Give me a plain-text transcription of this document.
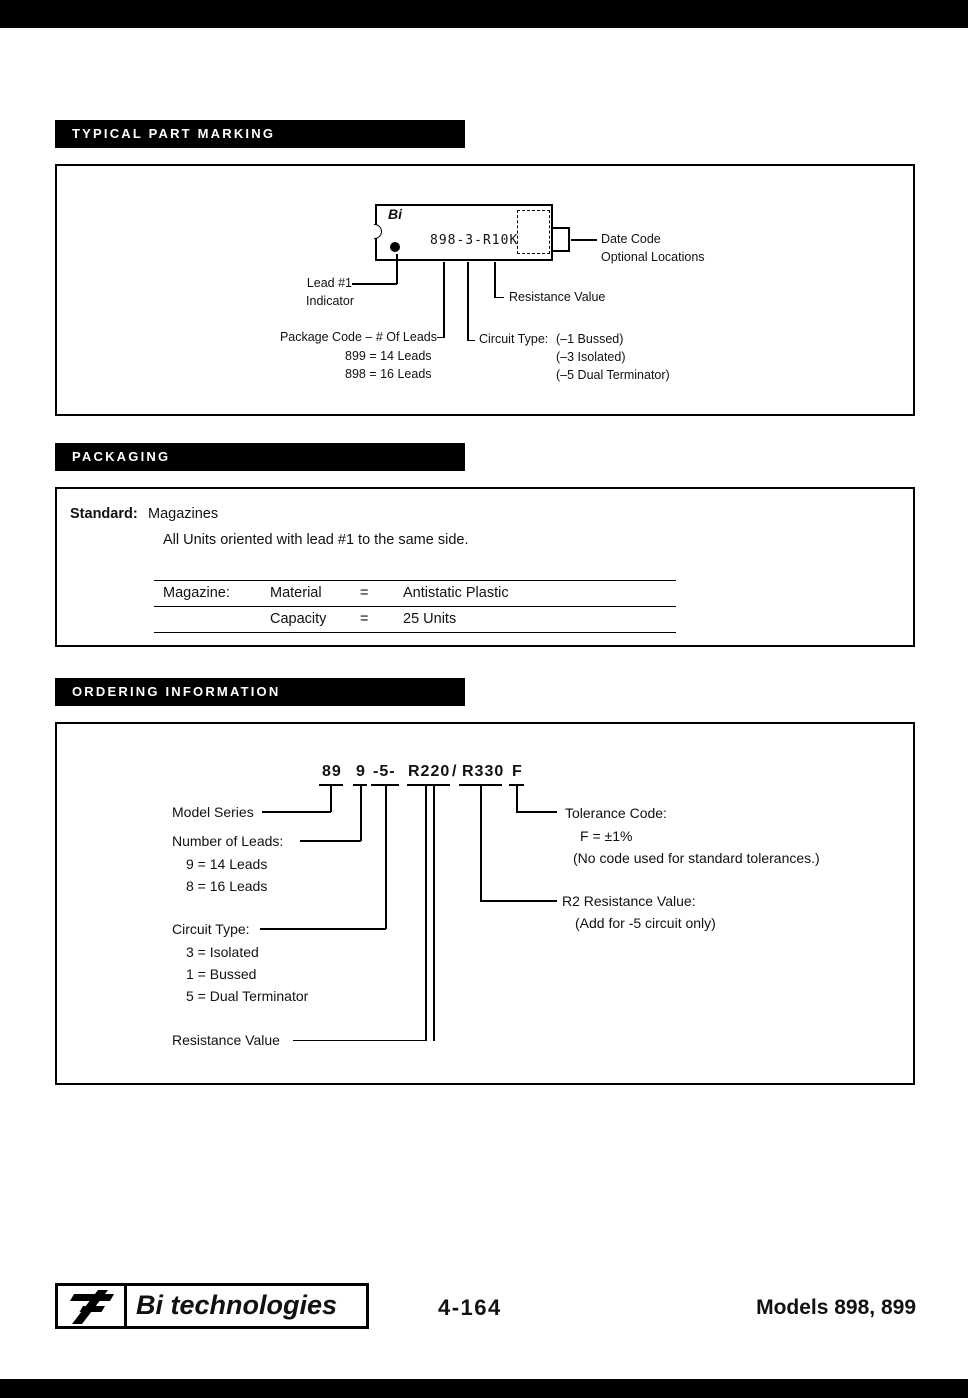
TYPICAL PART MARKING
Bi
898-3-R10K	Date Code
Optional Locations
Lead #1
Indicator	Resistance Value
Package Code – # Of Leads
899 = 14 Leads
898 = 16 Leads
Circuit Type: (–1 Bussed)
(–3 Isolated)
(–5 Dual Terminator)
PACKAGING
Standard: Magazines
All Units oriented with lead #1 to the same side.
Magazine:	Material	= Antistatic Plastic
Capacity = 25 Units
ORDERING INFORMATION
89 9 -5- R220 / R330 F
Model Series
Number of Leads:
9 = 14 Leads
8 = 16 Leads
Circuit Type:
3 = Isolated
1 = Bussed
5 = Dual Terminator
Resistance Value
Tolerance Code:
F = ±1%
(No code used for standard tolerances.)
R2 Resistance Value:
(Add for -5 circuit only)
Bi technologies	4-164	Models 898, 899
